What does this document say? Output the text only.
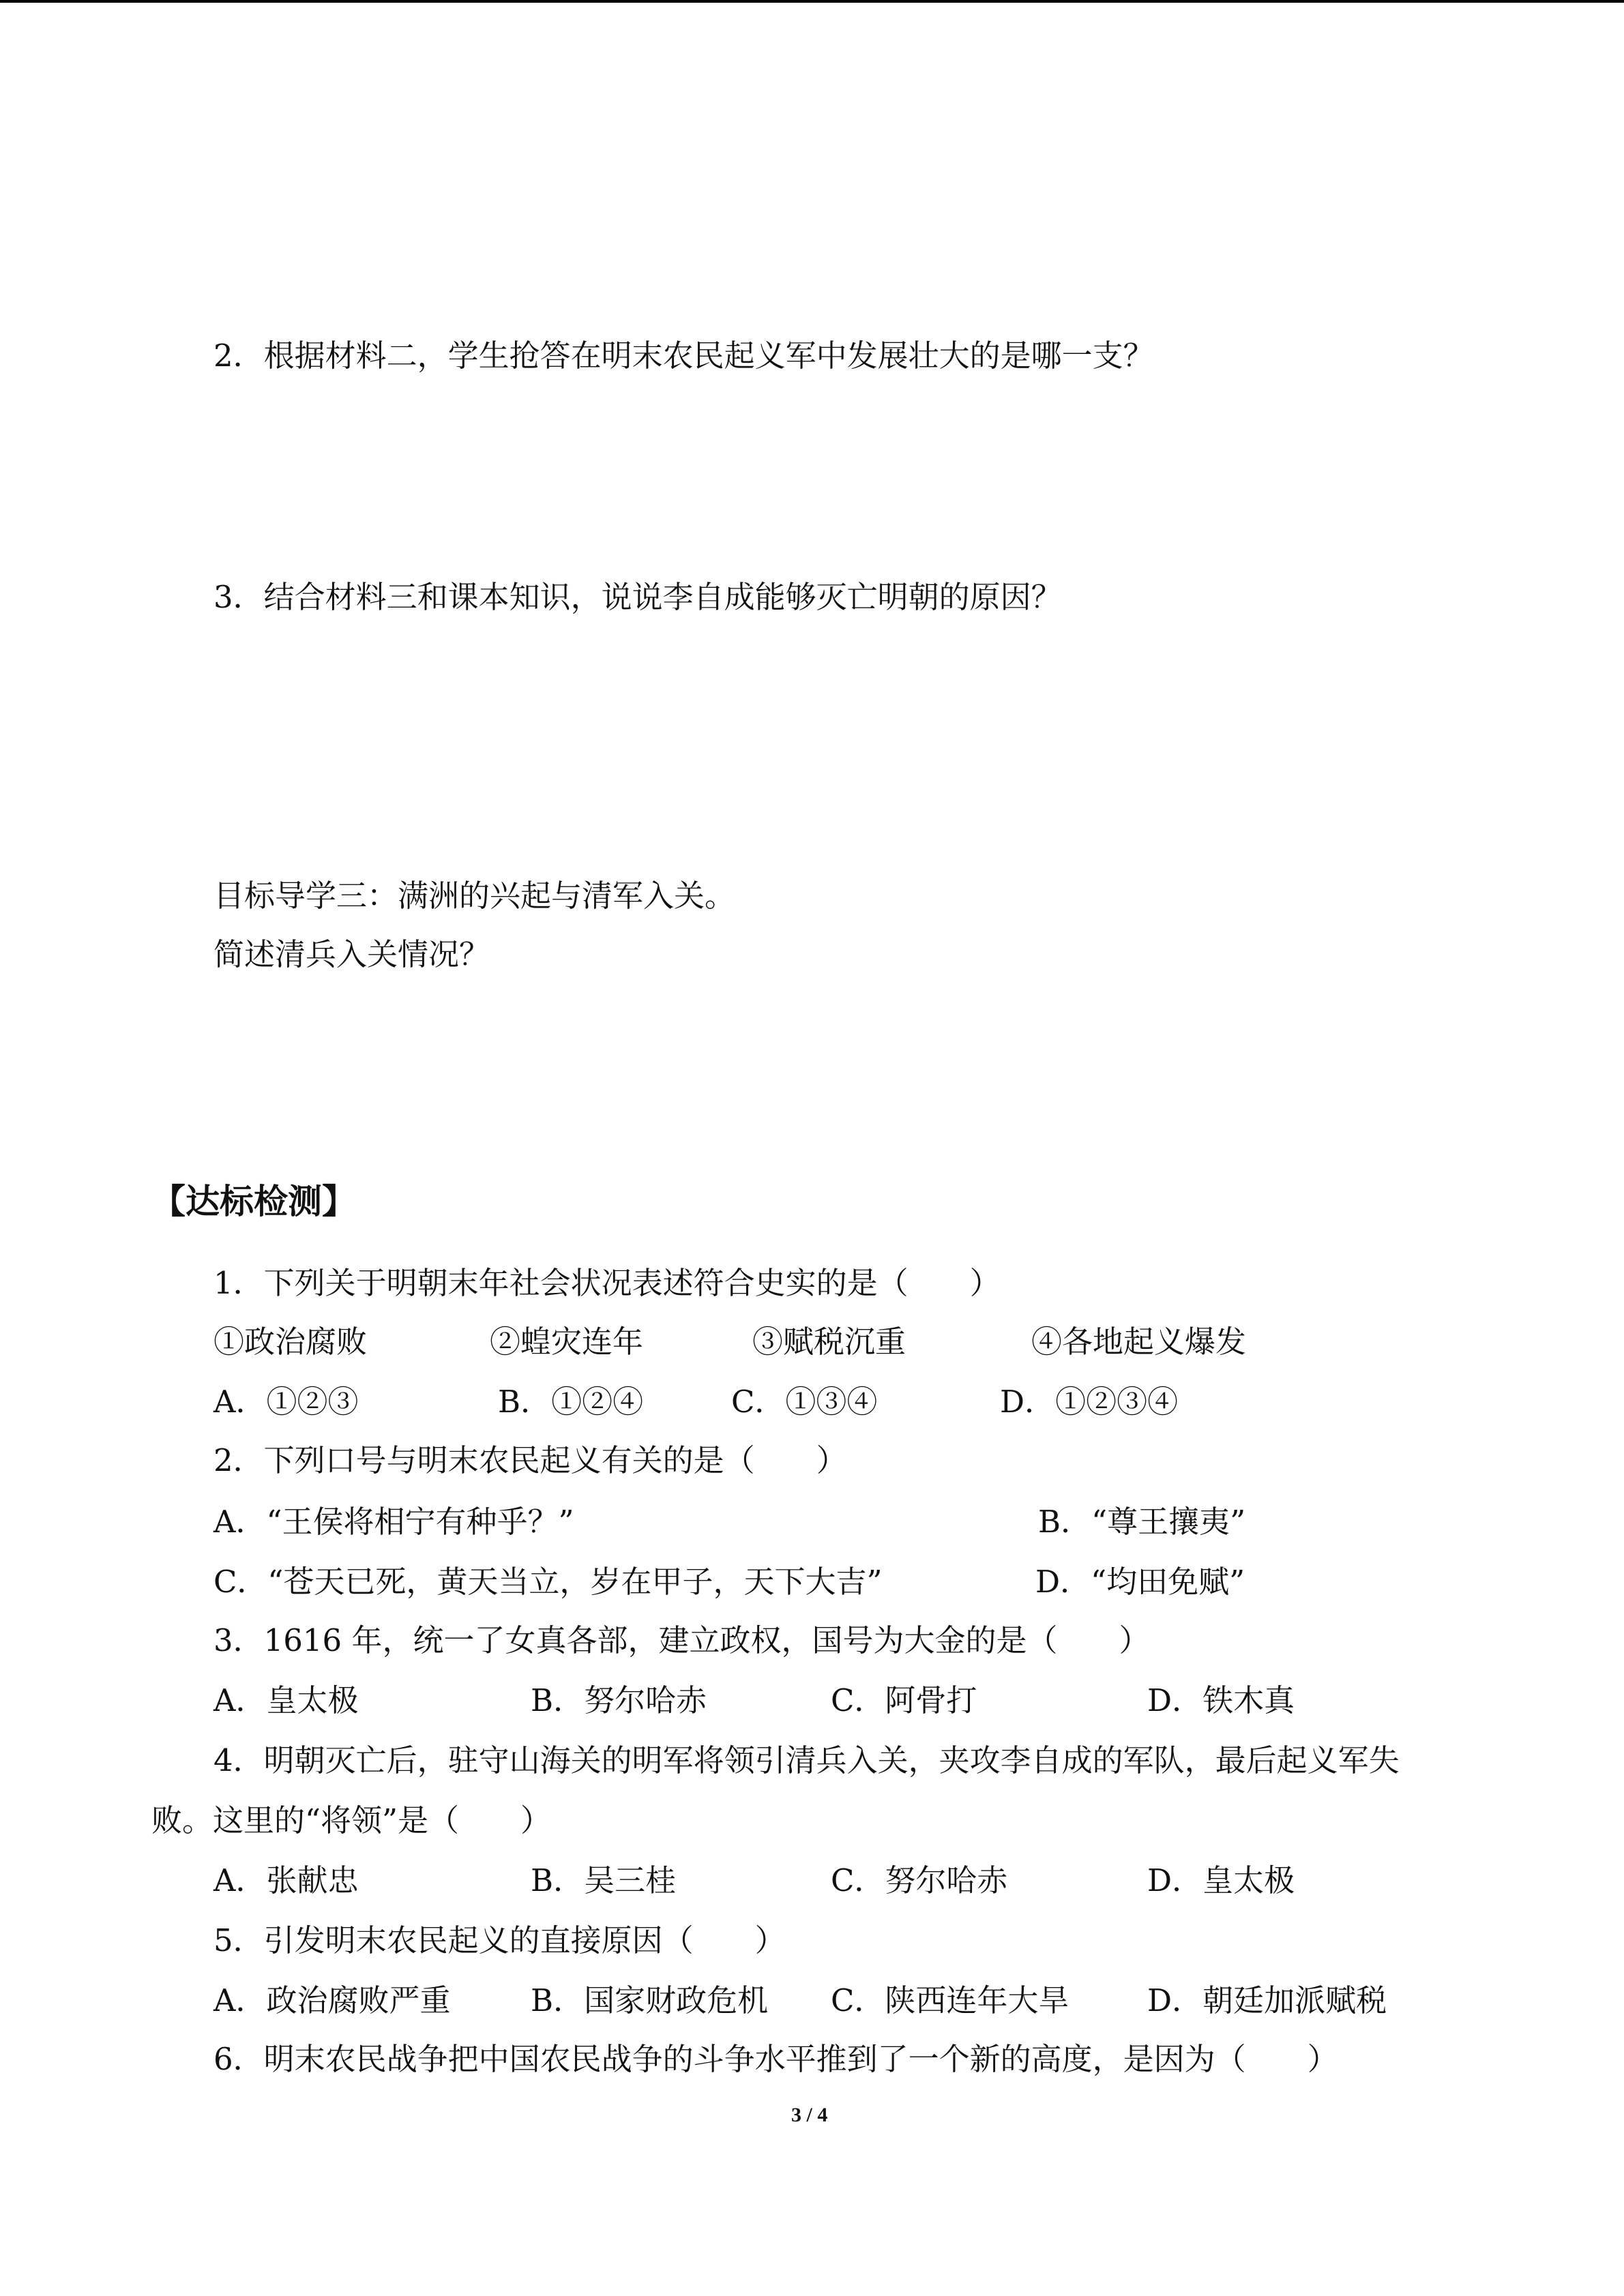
2．根据材料二，学生抢答在明末农民起义军中发展壮大的是哪一支？
3．结合材料三和课本知识，说说李自成能够灭亡明朝的原因？
目标导学三：满洲的兴起与清军入关。
简述清兵入关情况？
【达标检测】
1．下列关于明朝末年社会状况表述符合史实的是（　　）
①政治腐败	②蝗灾连年	③赋税沉重	④各地起义爆发
A．①②③	B．①②④	C．①③④	D．①②③④
2．下列口号与明末农民起义有关的是（　　）
A．“王侯将相宁有种乎？”	B．“尊王攘夷”
C．“苍天已死，黄天当立，岁在甲子，天下大吉”	D．“均田免赋”
3．1616 年，统一了女真各部，建立政权，国号为大金的是（　　）
A．皇太极	B．努尔哈赤	C．阿骨打	D．铁木真
4．明朝灭亡后，驻守山海关的明军将领引清兵入关，夹攻李自成的军队，最后起义军失
败。这里的“将领”是（　　）
A．张献忠	B．吴三桂	C．努尔哈赤	D．皇太极
5．引发明末农民起义的直接原因（　　）
A．政治腐败严重	B．国家财政危机 C．陕西连年大旱	D．朝廷加派赋税
6．明末农民战争把中国农民战争的斗争水平推到了一个新的高度，是因为（　　）
3 / 4
